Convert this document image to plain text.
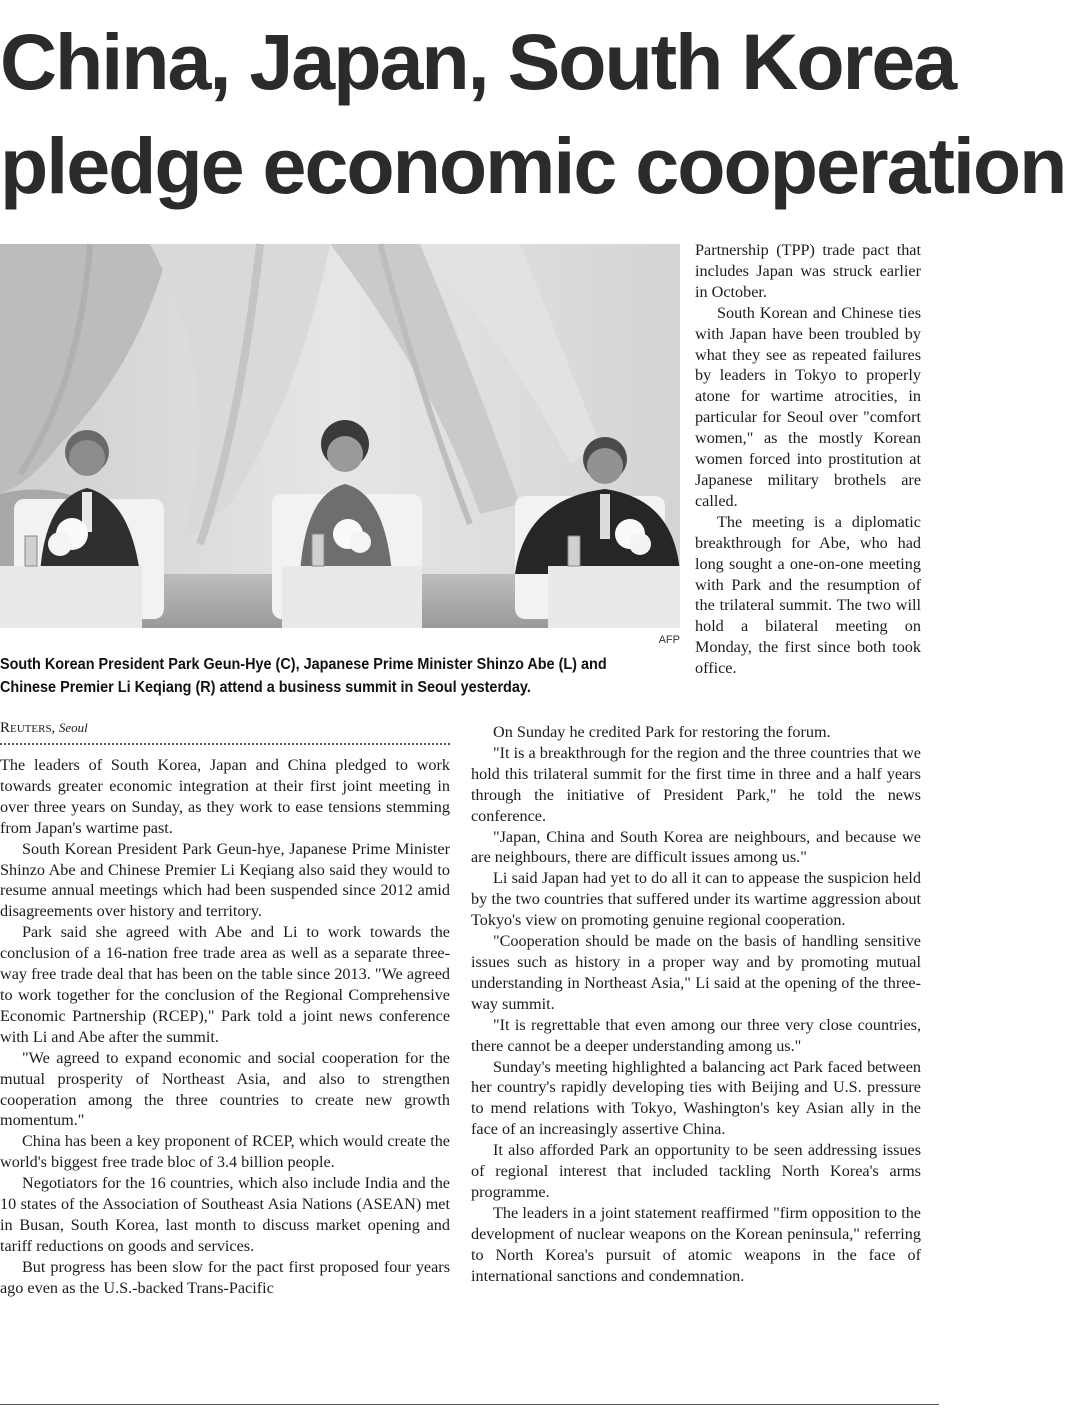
China, Japan, South Korea
pledge economic cooperation
AFP
South Korean President Park Geun-Hye (C), Japanese Prime Minister Shinzo Abe (L) and Chinese Premier Li Keqiang (R) attend a business summit in Seoul yesterday.

Partnership (TPP) trade pact that includes Japan was struck earlier in October.

South Korean and Chinese ties with Japan have been troubled by what they see as repeated failures by leaders in Tokyo to properly atone for wartime atrocities, in particular for Seoul over "comfort women," as the mostly Korean women forced into prostitution at Japanese military brothels are called.

The meeting is a diplomatic breakthrough for Abe, who had long sought a one-on-one meeting with Park and the resumption of the trilateral summit. The two will hold a bilateral meeting on Monday, the first since both took office.

Reuters, Seoul

The leaders of South Korea, Japan and China pledged to work towards greater economic integration at their first joint meeting in over three years on Sunday, as they work to ease tensions stemming from Japan's wartime past.

South Korean President Park Geun-hye, Japanese Prime Minister Shinzo Abe and Chinese Premier Li Keqiang also said they would to resume annual meetings which had been suspended since 2012 amid disagreements over history and territory.

Park said she agreed with Abe and Li to work towards the conclusion of a 16-nation free trade area as well as a separate three-way free trade deal that has been on the table since 2013. "We agreed to work together for the conclusion of the Regional Comprehensive Economic Partnership (RCEP)," Park told a joint news conference with Li and Abe after the summit.

"We agreed to expand economic and social cooperation for the mutual prosperity of Northeast Asia, and also to strengthen cooperation among the three countries to create new growth momentum."

China has been a key proponent of RCEP, which would create the world's biggest free trade bloc of 3.4 billion people.

Negotiators for the 16 countries, which also include India and the 10 states of the Association of Southeast Asia Nations (ASEAN) met in Busan, South Korea, last month to discuss market opening and tariff reductions on goods and services.

But progress has been slow for the pact first proposed four years ago even as the U.S.-backed Trans-Pacific

On Sunday he credited Park for restoring the forum.

"It is a breakthrough for the region and the three countries that we hold this trilateral summit for the first time in three and a half years through the initiative of President Park," he told the news conference.

"Japan, China and South Korea are neighbours, and because we are neighbours, there are difficult issues among us."

Li said Japan had yet to do all it can to appease the suspicion held by the two countries that suffered under its wartime aggression about Tokyo's view on promoting genuine regional cooperation.

"Cooperation should be made on the basis of handling sensitive issues such as history in a proper way and by promoting mutual understanding in Northeast Asia," Li said at the opening of the three-way summit.

"It is regrettable that even among our three very close countries, there cannot be a deeper understanding among us."

Sunday's meeting highlighted a balancing act Park faced between her country's rapidly developing ties with Beijing and U.S. pressure to mend relations with Tokyo, Washington's key Asian ally in the face of an increasingly assertive China.

It also afforded Park an opportunity to be seen addressing issues of regional interest that included tackling North Korea's arms programme.

The leaders in a joint statement reaffirmed "firm opposition to the development of nuclear weapons on the Korean peninsula," referring to North Korea's pursuit of atomic weapons in the face of international sanctions and condemnation.
